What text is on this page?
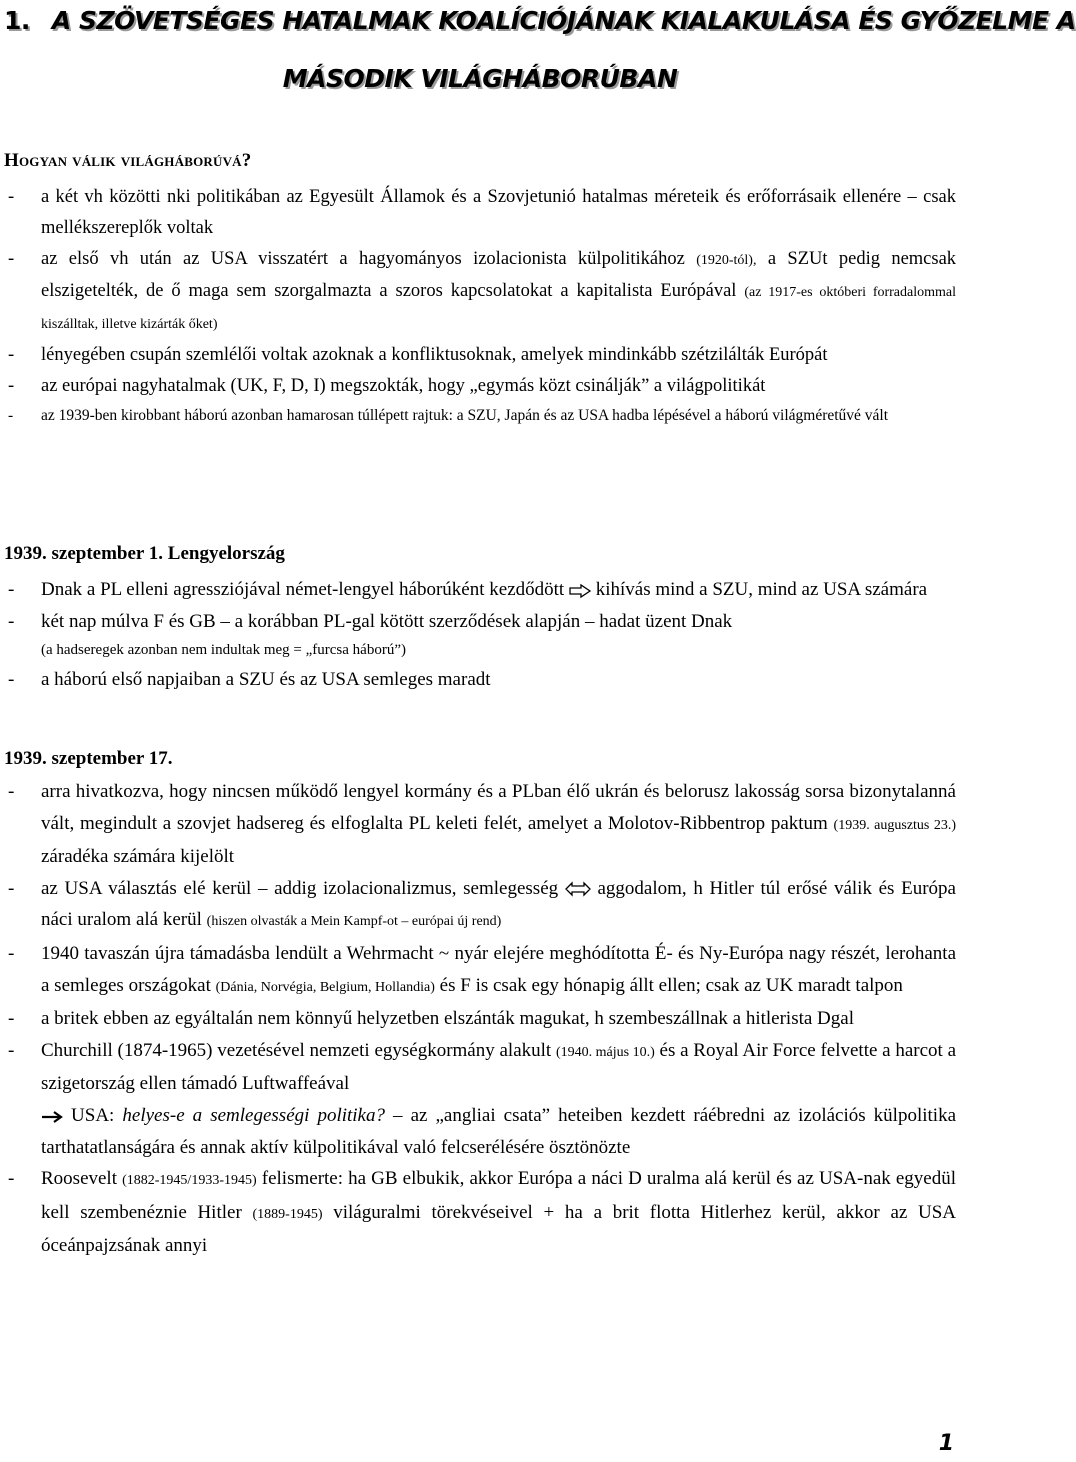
1. A SZÖVETSÉGES HATALMAK KOALÍCIÓJÁNAK KIALAKULÁSA ÉS GYŐZELME A
MÁSODIK VILÁGHÁBORÚBAN
Hogyan válik világháborúvá?
- a két vh közötti nki politikában az Egyesült Államok és a Szovjetunió hatalmas méreteik és erőforrásaik ellenére – csak mellékszereplők voltak
- az első vh után az USA visszatért a hagyományos izolacionista külpolitikához (1920-tól), a SZUt pedig nemcsak elszigetelték, de ő maga sem szorgalmazta a szoros kapcsolatokat a kapitalista Európával (az 1917-es októberi forradalommal kiszálltak, illetve kizárták őket)
- lényegében csupán szemlélői voltak azoknak a konfliktusoknak, amelyek mindinkább szétzilálták Európát
- az európai nagyhatalmak (UK, F, D, I) megszokták, hogy „egymás közt csinálják” a világpolitikát
- az 1939-ben kirobbant háború azonban hamarosan túllépett rajtuk: a SZU, Japán és az USA hadba lépésével a háború világméretűvé vált
1939. szeptember 1. Lengyelország
- Dnak a PL elleni agressziójával német-lengyel háborúként kezdődött kihívás mind a SZU, mind az USA számára
- két nap múlva F és GB – a korábban PL-gal kötött szerződések alapján – hadat üzent Dnak
(a hadseregek azonban nem indultak meg = „furcsa háború”)
- a háború első napjaiban a SZU és az USA semleges maradt
1939. szeptember 17.
- arra hivatkozva, hogy nincsen működő lengyel kormány és a PLban élő ukrán és belorusz lakosság sorsa bizonytalanná vált, megindult a szovjet hadsereg és elfoglalta PL keleti felét, amelyet a Molotov-Ribbentrop paktum (1939. augusztus 23.) záradéka számára kijelölt
- az USA választás elé kerül – addig izolacionalizmus, semlegesség aggodalom, h Hitler túl erősé válik és Európa náci uralom alá kerül (hiszen olvasták a Mein Kampf-ot – európai új rend)
- 1940 tavaszán újra támadásba lendült a Wehrmacht ~ nyár elejére meghódította É- és Ny-Európa nagy részét, lerohanta a semleges országokat (Dánia, Norvégia, Belgium, Hollandia) és F is csak egy hónapig állt ellen; csak az UK maradt talpon
- a britek ebben az egyáltalán nem könnyű helyzetben elszánták magukat, h szembeszállnak a hitlerista Dgal
- Churchill (1874-1965) vezetésével nemzeti egységkormány alakult (1940. május 10.) és a Royal Air Force felvette a harcot a szigetország ellen támadó Luftwaffeával
USA: helyes-e a semlegességi politika? – az „angliai csata” heteiben kezdett ráébredni az izolációs külpolitika tarthatatlanságára és annak aktív külpolitikával való felcserélésére ösztönözte
- Roosevelt (1882-1945/1933-1945) felismerte: ha GB elbukik, akkor Európa a náci D uralma alá kerül és az USA-nak egyedül kell szembenéznie Hitler (1889-1945) világuralmi törekvéseivel + ha a brit flotta Hitlerhez kerül, akkor az USA óceánpajzsának annyi
1
